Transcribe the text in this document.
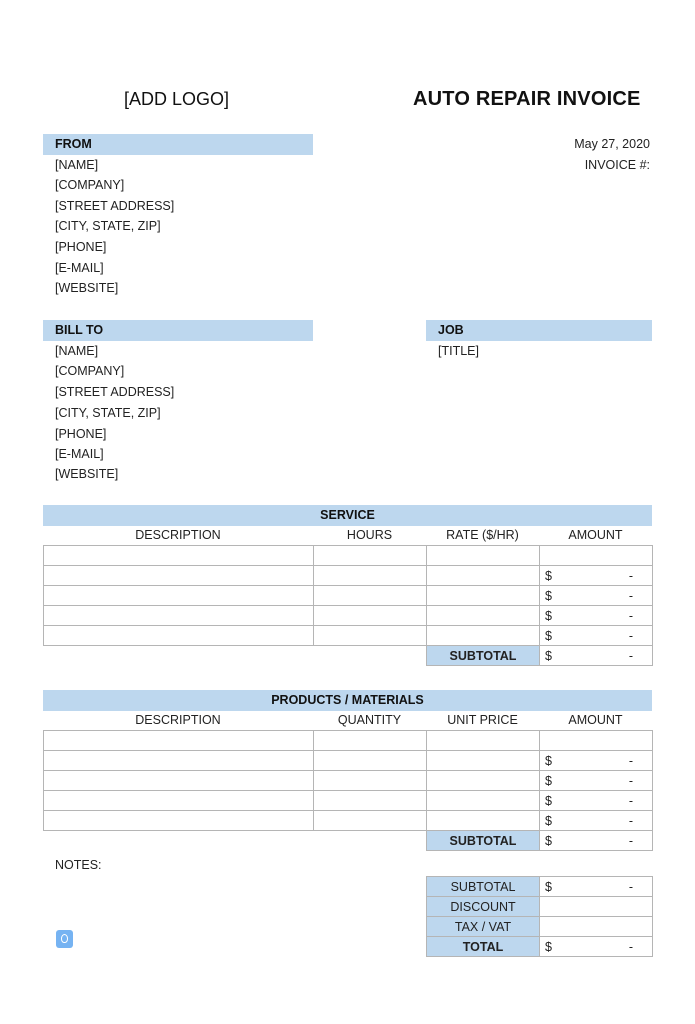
[ADD LOGO]	AUTO REPAIR INVOICE
May 27, 2020
INVOICE #:
FROM
[NAME]
[COMPANY]
[STREET ADDRESS]
[CITY, STATE, ZIP]
[PHONE]
[E-MAIL]
[WEBSITE]
BILL TO
[NAME]
[COMPANY]
[STREET ADDRESS]
[CITY, STATE, ZIP]
[PHONE]
[E-MAIL]
[WEBSITE]
JOB
[TITLE]
SERVICE
DESCRIPTION	HOURS	RATE ($/HR)	AMOUNT

			$ -

			$ -

			$ -

			$ -

		SUBTOTAL	$ -
PRODUCTS / MATERIALS
DESCRIPTION	QUANTITY	UNIT PRICE	AMOUNT

			$ -

			$ -

			$ -

			$ -

		SUBTOTAL	$ -
NOTES:
SUBTOTAL	$ -

DISCOUNT	
TAX / VAT	
TOTAL	$ -
